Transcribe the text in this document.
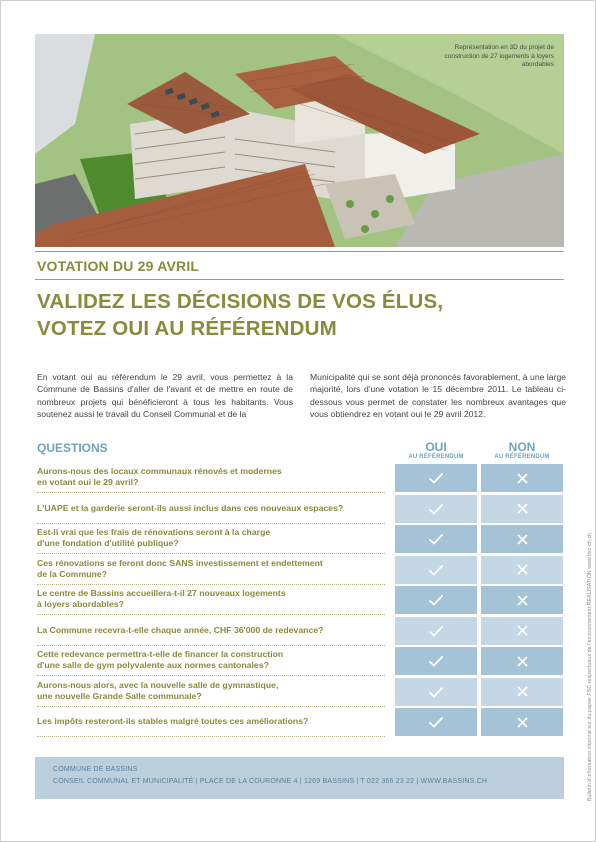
Représentation en 3D du projet de construction de 27 logements à loyers abordables
VOTATION DU 29 AVRIL
VALIDEZ LES DÉCISIONS DE VOS ÉLUS,
VOTEZ OUI AU RÉFÉRENDUM
En votant oui au référendum le 29 avril, vous permettez à la Commune de Bassins d'aller de l'avant et de mettre en route de nombreux projets qui bénéficieront à tous les habitants. Vous soutenez aussi le travail du Conseil Communal et de la
Municipalité qui se sont déjà prononcés favorablement, à une large majorité, lors d'une votation le 15 décembre 2011. Le tableau ci-dessous vous permet de constater les nombreux avantages que vous obtiendrez en votant oui le 29 avril 2012.
QUESTIONS	OUI
AU RÉFÉRENDUM
NON
AU RÉFÉRENDUM
Aurons-nous des locaux communaux rénovés et modernes
en votant oui le 29 avril?
L'UAPE et la garderie seront-ils aussi inclus dans ces nouveaux espaces?
Est-il vrai que les frais de rénovations seront à la charge
d'une fondation d'utilité publique?
Ces rénovations se feront donc SANS investissement et endettement
de la Commune?
Le centre de Bassins accueillera-t-il 27 nouveaux logements
à loyers abordables?
La Commune recevra-t-elle chaque année, CHF 36'000 de redevance?
Cette redevance permettra-t-elle de financer la construction
d'une salle de gym polyvalente aux normes cantonales?
Aurons-nous alors, avec la nouvelle salle de gymnastique,
une nouvelle Grande Salle communale?
Les impôts resteront-ils stables malgré toutes ces améliorations?
COMMUNE DE BASSINS
CONSEIL COMMUNAL ET MUNICIPALITÉ | PLACE DE LA COURONNE 4 | 1269 BASSINS | T 022 366 23 22 | WWW.BASSINS.CH	Bulletin d'information imprimé sur du papier FSC respectueux de l'environnement RÉALISATION www.bsc-ch.ch
